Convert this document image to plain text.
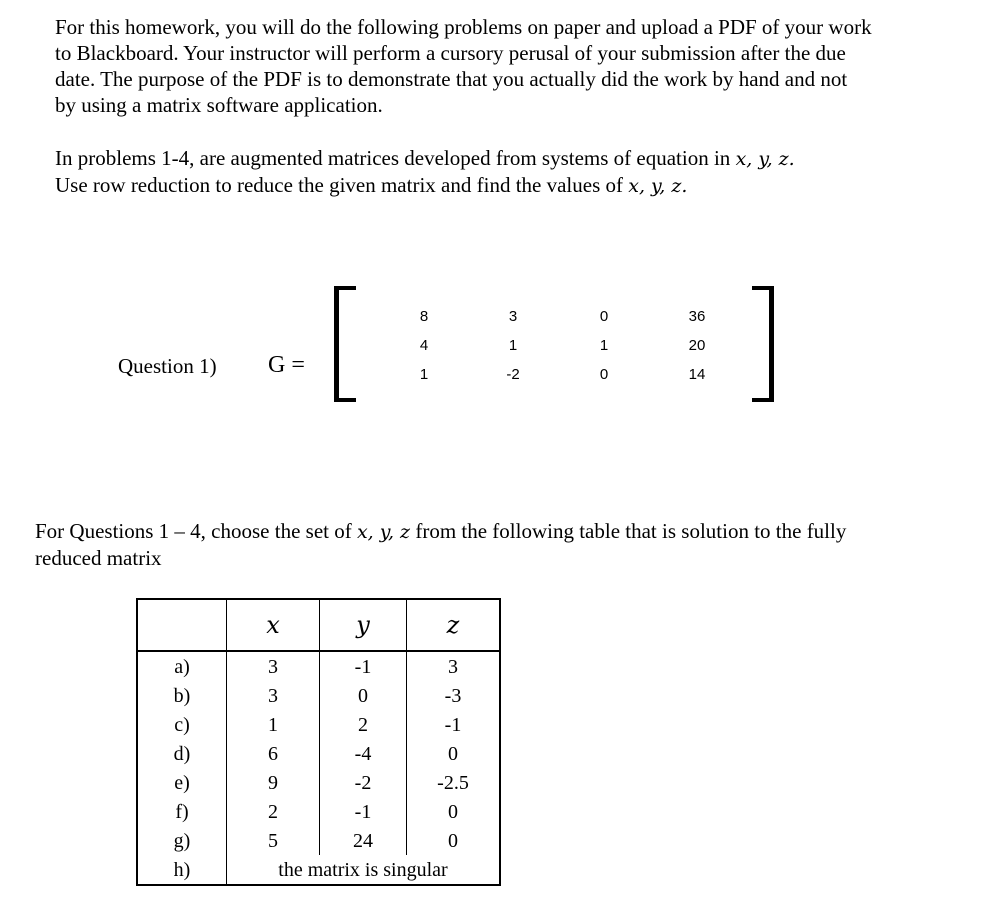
For this homework, you will do the following problems on paper and upload a PDF of your work
to Blackboard. Your instructor will perform a cursory perusal of your submission after the due
date. The purpose of the PDF is to demonstrate that you actually did the work by hand and not
by using a matrix software application.
In problems 1-4, are augmented matrices developed from systems of equation in x, y, z.
Use row reduction to reduce the given matrix and find the values of x, y, z.
Question 1) G =
8	3	0	36
4	1	1	20
1	-2	0	14
For Questions 1 – 4, choose the set of x, y, z from the following table that is solution to the fully
reduced matrix
	x	y	z
a)	3	-1	3
b)	3	0	-3
c)	1	2	-1
d)	6	-4	0
e)	9	-2	-2.5
f)	2	-1	0
g)	5	24	0
h)	the matrix is singular		
